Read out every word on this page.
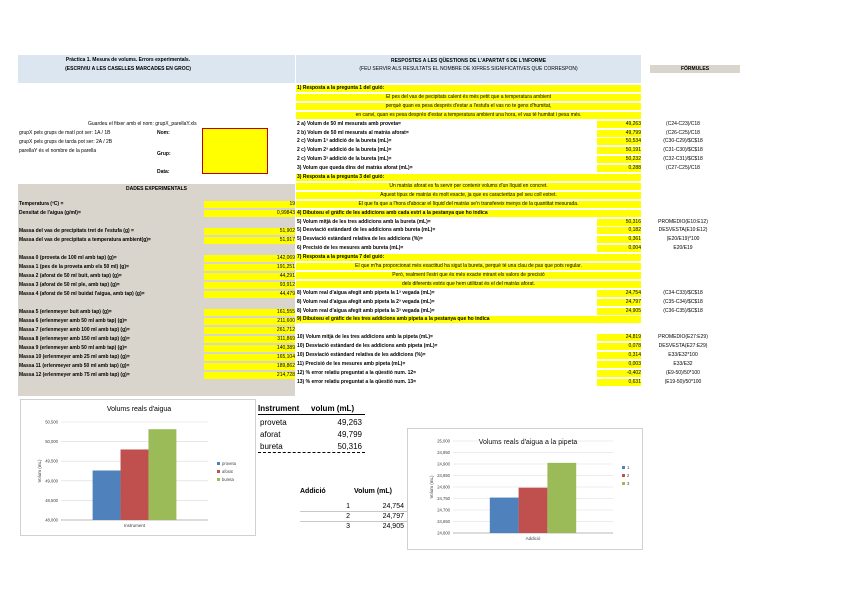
Pràctica 1. Mesura de volums. Errors experimentals.
(ESCRIVIU A LES CASELLES MARCADES EN GROC)
RESPOSTES A LES QÜESTIONS DE L'APARTAT 6 DE L'INFORME
(FEU SERVIR ALS RESULTATS EL NOMBRE DE XIFRES SIGNIFICATIVES QUE CORRESPON)	FÓRMULES
Guardeu el fitxer amb el nom: grupX_parellaY.xls
grupX pels grups de matí pot ser: 1A / 1B
grupX pels grups de tarda pot ser: 2A / 2B
parellaY és el nombre de la parella
Nom:
Grup:
Data:
DADES EXPERIMENTALS
Temperatura (ºC) =	19
Densitat de l'aigua (g/ml)=	0,99843
Massa del vas de precipitats tret de l'estufa (g) =	51,902
Massa del vas de precipitats a temperatura ambient(g)=	51,917
Massa 0 (proveta de 100 ml amb tap) (g)=	142,069
Massa 1 (pes de la proveta amb els 50 ml) (g)=	191,251
Massa 2 (aforat de 50 ml buit, amb tap) (g)=	44,291
Massa 3 (aforat de 50 ml ple, amb tap) (g)=	93,912
Massa 4 (aforat de 50 ml buidat l'aigua, amb tap) (g)=	44,479
Massa 5 (erlenmeyer buit amb tap) (g)=	161,555
Massa 6 (erlenmeyer amb 50 ml amb tap) (g)=	211,600
Massa 7 (erlenmeyer amb 100 ml amb tap) (g)=	261,712
Massa 8 (erlenmeyer amb 150 ml amb tap) (g)=	311,869
Massa 9 (erlenmeyer amb 50 ml amb tap) (g)=	140,389
Massa 10 (erlenmeyer amb 25 ml amb tap) (g)=	165,104
Massa 11 (erlenmeyer amb 50 ml amb tap) (g)=	189,862
Massa 12 (erlenmeyer amb 75 ml amb tap) (g)=	214,728
1) Resposta a la pregunta 1 del guió:
El pes del vas de pecipitats calent és més petit que a temperatura ambient
perquè quan es pesa després d'estar a l'estufa el vas no te gens d'humitat,
en canvi, quan es pesa després d'estar a temperatura ambient una hora, el vas té humitat i pesa més.
2 a) Volum de 50 ml mesurats amb proveta=	49,263	(C24-C23)/C18
2 b) Volum de 50 ml mesurats al matràs aforat=	49,799	(C26-C25)/C18
2 c) Volum 1ª addició de la bureta (mL)=	50,534	(C30-C29)/$C$18
2 c) Volum 2ª addició de la bureta (mL)=	50,191	(C31-C30)/$C$18
2 c) Volum 3ª addició de la bureta (mL)=	50,232	(C32-C31)/$C$18
3) Volum que queda dins del matràs aforat (mL)=	0,288	(C27-C25)/C18
3) Resposta a la pregunta 3 del guió:
Un matràs aforat es fa servir per contenir volums d'un líquid en concret.
Aquest tipus de matràs és molt exacte, ja que es caracteritza pel seu coll estret.
El que fa que a l'hora d'abocar el líquid del matràs se'n transfereix menys de la quantitat mesurada.
4) Dibuixeu el gràfic de les addicions amb cada estri a la pestanya que ho indica
5) Volum mitjà de les tres addicions amb la bureta (mL)=	50,316	PROMEDIO(E10:E12)
5) Desviació estàndard de les addicions amb bureta (mL)=	0,182	DESVESTA(E10:E12)
5) Desviació estàndard relativa de les addicions (%)=	0,361	(E20/E19)*100
6) Precisió de les mesures amb bureta (mL)=	0,004	E20/E19
7) Resposta a la pregunta 7 del guió:
El que m'ha proporcionat més exactitud ha sigut la bureta, perquè té una clau de pas que pots regular.
Però, realment l'estri que és més exacte mirant els valors de precisió
dels diferents estris que hem utilitzat és el del matràs aforat.
8) Volum real d'aigua afegit amb pipeta la 1ª vegada (mL)=	24,754	(C34-C33)/$C$18
8) Volum real d'aigua afegit amb pipeta la 2ª vegada (mL)=	24,797	(C35-C34)/$C$18
8) Volum real d'aigua afegit amb pipeta la 3ª vegada (mL)=	24,905	(C36-C35)/$C$18
9) Dibuixeu el gràfic de les tres addicions amb pipeta a la pestanya que ho indica
10) Volum mitjà de les tres addicions amb la pipeta (mL)=	24,819	PROMEDIO(E27:E29)
10) Desviació estàndard de les addicions amb pipeta (mL)=	0,078	DESVESTA(E27:E29)
10) Desviació estàndard relativa de les addicions (%)=	0,314	E33/E32*100
11) Precisió de les mesures amb pipeta (mL)=	0,003	E33/E32
12) % error relatiu preguntat a la qüestió num. 12=	-0,402	(E9-50)/50*100
13) % error relatiu preguntat a la qüestió num. 13=	0,631	(E19-50)/50*100
Volums reals d'aigua
48,000
48,500
49,000
49,500
50,000
50,500
Volum (mL)
Instrument
proveta
aforat
bureta
Instrument volum (mL)
proveta	49,263
aforat	49,799
bureta	50,316
Addició	Volum (mL)
1	24,754
2	24,797
3	24,905
Volums reals d'aigua a la pipeta
24,600
24,650
24,700
24,750
24,800
24,850
24,900
24,950
25,000
Volum (mL)
Addició
1
2
3
